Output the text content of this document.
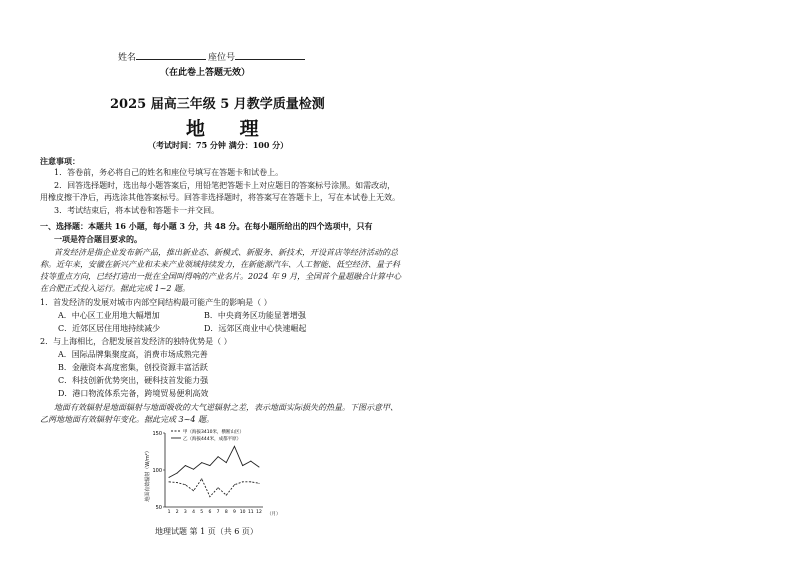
姓名	座位号
（在此卷上答题无效）
2025 届高三年级 5 月教学质量检测
地 理
（考试时间：75 分钟 满分：100 分）
注意事项：
1．答卷前，务必将自己的姓名和座位号填写在答题卡和试卷上。
2．回答选择题时，选出每小题答案后，用铅笔把答题卡上对应题目的答案标号涂黑。如需改动，
用橡皮擦干净后，再选涂其他答案标号。回答非选择题时，将答案写在答题卡上，写在本试卷上无效。
3．考试结束后，将本试卷和答题卡一并交回。
一、选择题：本题共 16 小题，每小题 3 分，共 48 分。在每小题所给出的四个选项中，只有
一项是符合题目要求的。
首发经济是指企业发布新产品，推出新业态、新模式、新服务、新技术，开设首店等经济活动的总
称。近年来，安徽在新兴产业和未来产业领域持续发力，在新能源汽车、人工智能、低空经济、量子科
技等重点方向，已经打造出一批在全国叫得响的产业名片。2024 年 9 月，全国首个量超融合计算中心
在合肥正式投入运行。据此完成 1~2 题。
1．首发经济的发展对城市内部空间结构最可能产生的影响是（ ）
A．中心区工业用地大幅增加	B．中央商务区功能显著增强
C．近郊区居住用地持续减少	D．远郊区商业中心快速崛起
2．与上海相比，合肥发展首发经济的独特优势是（ ）
A．国际品牌集聚度高，消费市场成熟完善
B．金融资本高度密集，创投资源丰富活跃
C．科技创新优势突出，硬科技首发能力强
D．港口物流体系完备，跨境贸易便利高效
地面有效辐射是地面辐射与地面吸收的大气逆辐射之差，表示地面实际损失的热量。下图示意甲、
乙两地地面有效辐射年变化。据此完成 3~4 题。
地面有效辐射（W/m²）
150
100
50
1 2 3 4 5 6 7 8 9 10 11 12 （月）
甲（海拔3410米，横断山区）
乙（海拔444米，成都平原）
地理试题 第 1 页（共 6 页）
